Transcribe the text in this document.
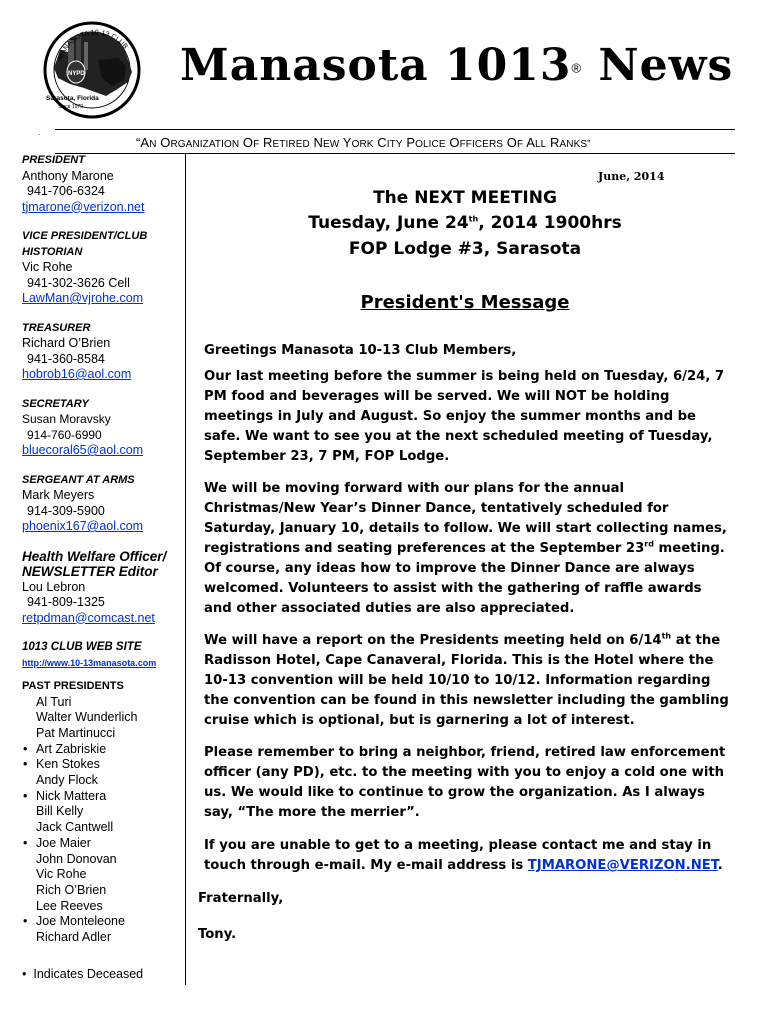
NYPD
Sarasota, Florida
Since 1979
MANASOTA 10-13 CLUB Manasota 1013® News
.
“AN ORGANIZATION OF RETIRED NEW YORK CITY POLICE OFFICERS OF ALL RANKS”
PRESIDENT
Anthony Marone
941-706-6324
tjmarone@verizon.net
VICE PRESIDENT/CLUB
HISTORIAN
Vic Rohe
941-302-3626 Cell
LawMan@vjrohe.com
TREASURER
Richard O’Brien
941-360-8584
hobrob16@aol.com
SECRETARY
Susan Moravsky
914-760-6990
bluecoral65@aol.com
SERGEANT AT ARMS
Mark Meyers
914-309-5900
phoenix167@aol.com
Health Welfare Officer/
NEWSLETTER Editor
Lou Lebron
941-809-1325
retpdman@comcast.net
1013 CLUB WEB SITE
http://www.10-13manasota.com
PAST PRESIDENTS
Al Turi
Walter Wunderlich
Pat Martinucci
• Art Zabriskie
• Ken Stokes
Andy Flock
• Nick Mattera
Bill Kelly
Jack Cantwell
• Joe Maier
John Donovan
Vic Rohe
Rich O’Brien
Lee Reeves
• Joe Monteleone
Richard Adler
• Indicates Deceased
June, 2014
The NEXT MEETING
Tuesday, June 24th, 2014 1900hrs
FOP Lodge #3, Sarasota
President's Message
Greetings Manasota 10-13 Club Members,
Our last meeting before the summer is being held on Tuesday, 6/24, 7 PM food and beverages will be served. We will NOT be holding meetings in July and August. So enjoy the summer months and be safe. We want to see you at the next scheduled meeting of Tuesday, September 23, 7 PM, FOP Lodge.
We will be moving forward with our plans for the annual Christmas/New Year’s Dinner Dance, tentatively scheduled for Saturday, January 10, details to follow. We will start collecting names, registrations and seating preferences at the September 23rd meeting. Of course, any ideas how to improve the Dinner Dance are always welcomed. Volunteers to assist with the gathering of raffle awards and other associated duties are also appreciated.
We will have a report on the Presidents meeting held on 6/14th at the Radisson Hotel, Cape Canaveral, Florida. This is the Hotel where the 10-13 convention will be held 10/10 to 10/12. Information regarding the convention can be found in this newsletter including the gambling cruise which is optional, but is garnering a lot of interest.
Please remember to bring a neighbor, friend, retired law enforcement officer (any PD), etc. to the meeting with you to enjoy a cold one with us. We would like to continue to grow the organization. As I always say, “The more the merrier”.
If you are unable to get to a meeting, please contact me and stay in touch through e-mail. My e-mail address is TJMARONE@VERIZON.NET.
Fraternally,
Tony.
